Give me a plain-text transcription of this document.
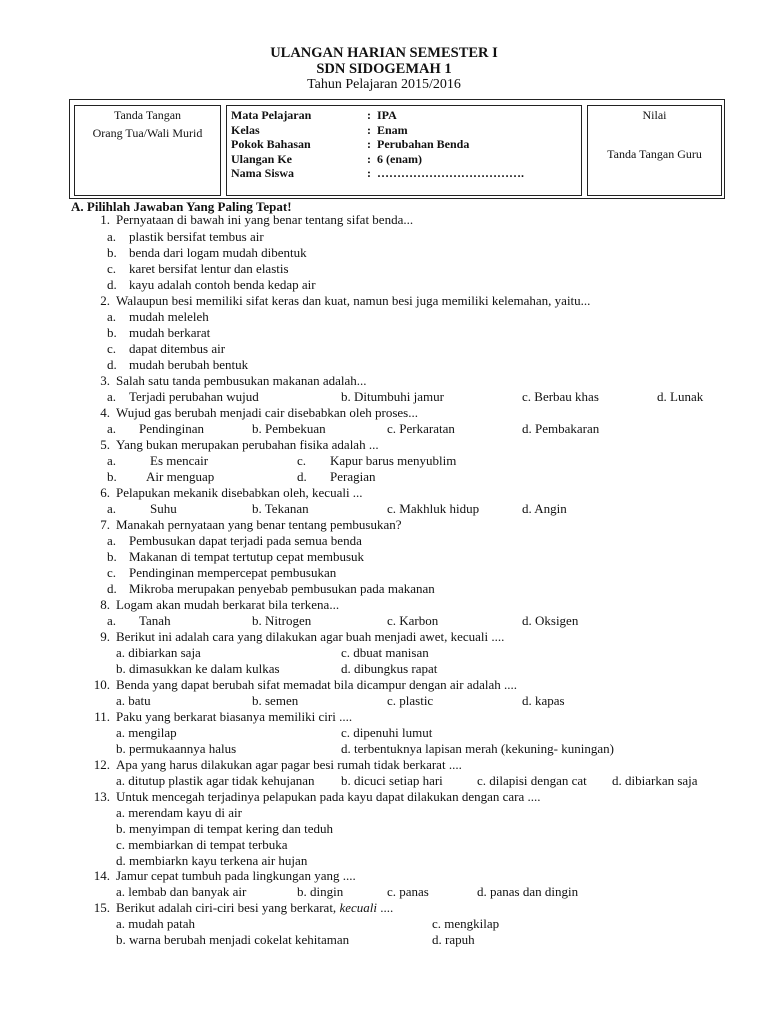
ULANGAN HARIAN SEMESTER I
SDN SIDOGEMAH 1
Tahun Pelajaran 2015/2016
Tanda Tangan
Orang Tua/Wali Murid
Mata Pelajaran	: IPA
Kelas	: Enam
Pokok Bahasan	: Perubahan Benda
Ulangan Ke	: 6 (enam)
Nama Siswa	: ……………………………….
Nilai
Tanda Tangan Guru
A. Pilihlah Jawaban Yang Paling Tepat!
1. Pernyataan di bawah ini yang benar tentang sifat benda...
a. plastik bersifat tembus air
b. benda dari logam mudah dibentuk
c. karet bersifat lentur dan elastis
d. kayu adalah contoh benda kedap air
2. Walaupun besi memiliki sifat keras dan kuat, namun besi juga memiliki kelemahan, yaitu...
a. mudah meleleh
b. mudah berkarat
c. dapat ditembus air
d. mudah berubah bentuk
3. Salah satu tanda pembusukan makanan adalah...
a. Terjadi perubahan wujud	b. Ditumbuhi jamur	c. Berbau khas	d. Lunak
4. Wujud gas berubah menjadi cair disebabkan oleh proses...
a. Pendinginan	b. Pembekuan	c. Perkaratan	d. Pembakaran
5. Yang bukan merupakan perubahan fisika adalah ...
a.	Es mencair	c. Kapur barus menyublim
b. Air menguap	d. Peragian
6. Pelapukan mekanik disebabkan oleh, kecuali ...
a.	Suhu	b. Tekanan	c. Makhluk hidup	d. Angin
7. Manakah pernyataan yang benar tentang pembusukan?
a. Pembusukan dapat terjadi pada semua benda
b. Makanan di tempat tertutup cepat membusuk
c. Pendinginan mempercepat pembusukan
d. Mikroba merupakan penyebab pembusukan pada makanan
8. Logam akan mudah berkarat bila terkena...
a. Tanah	b. Nitrogen	c. Karbon	d. Oksigen
9. Berikut ini adalah cara yang dilakukan agar buah menjadi awet, kecuali ....
a. dibiarkan saja	c. dbuat manisan
b. dimasukkan ke dalam kulkas	d. dibungkus rapat
10. Benda yang dapat berubah sifat memadat bila dicampur dengan air adalah ....
a. batu	b. semen	c. plastic	d. kapas
11. Paku yang berkarat biasanya memiliki ciri ....
a. mengilap	c. dipenuhi lumut
b. permukaannya halus	d. terbentuknya lapisan merah (kekuning- kuningan)
12. Apa yang harus dilakukan agar pagar besi rumah tidak berkarat ....
a. ditutup plastik agar tidak kehujanan b. dicuci setiap hari	c. dilapisi dengan cat d. dibiarkan saja
13. Untuk mencegah terjadinya pelapukan pada kayu dapat dilakukan dengan cara ....
a. merendam kayu di air
b. menyimpan di tempat kering dan teduh
c. membiarkan di tempat terbuka
d. membiarkn kayu terkena air hujan
14. Jamur cepat tumbuh pada lingkungan yang ....
a. lembab dan banyak air	b. dingin	c. panas	d. panas dan dingin
15. Berikut adalah ciri-ciri besi yang berkarat, kecuali ....
a. mudah patah	c. mengkilap
b. warna berubah menjadi cokelat kehitaman	d. rapuh
